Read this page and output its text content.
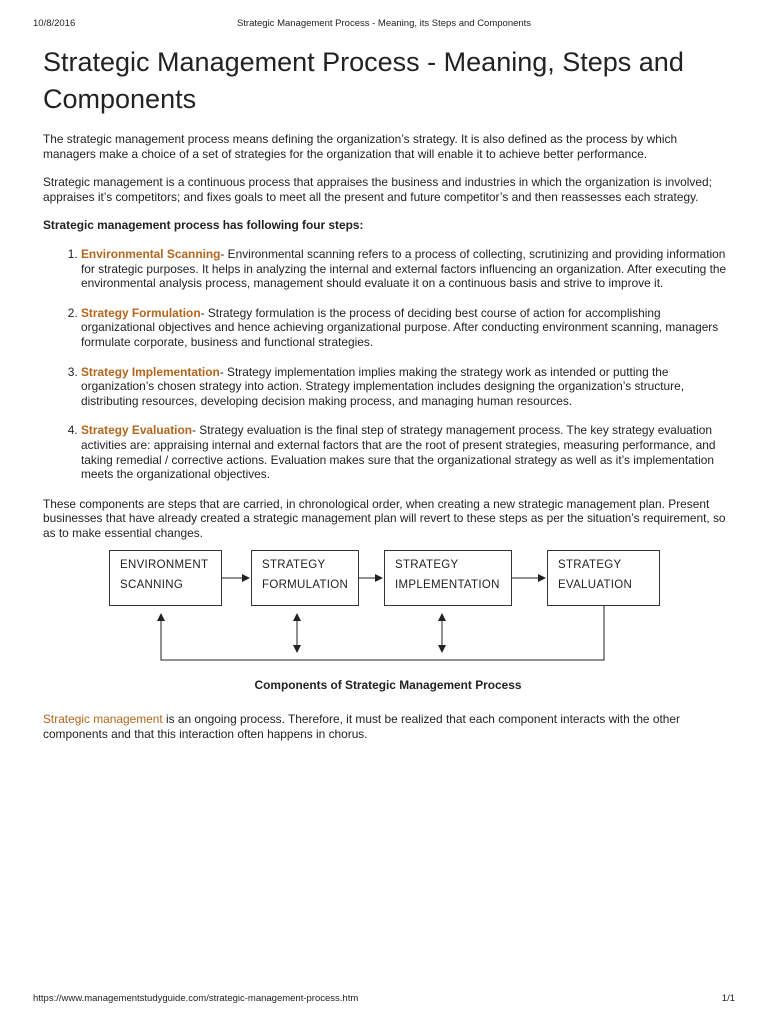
10/8/2016	Strategic Management Process - Meaning, its Steps and Components
Strategic Management Process - Meaning, Steps and Components

The strategic management process means defining the organization’s strategy. It is also defined as the process by which managers make a choice of a set of strategies for the organization that will enable it to achieve better performance.

Strategic management is a continuous process that appraises the business and industries in which the organization is involved; appraises it’s competitors; and fixes goals to meet all the present and future competitor’s and then reassesses each strategy.

Strategic management process has following four steps:

1. Environmental Scanning- Environmental scanning refers to a process of collecting, scrutinizing and providing information for strategic purposes. It helps in analyzing the internal and external factors influencing an organization. After executing the environmental analysis process, management should evaluate it on a continuous basis and strive to improve it.
2. Strategy Formulation- Strategy formulation is the process of deciding best course of action for accomplishing organizational objectives and hence achieving organizational purpose. After conducting environment scanning, managers formulate corporate, business and functional strategies.
3. Strategy Implementation- Strategy implementation implies making the strategy work as intended or putting the organization’s chosen strategy into action. Strategy implementation includes designing the organization’s structure, distributing resources, developing decision making process, and managing human resources.
4. Strategy Evaluation- Strategy evaluation is the final step of strategy management process. The key strategy evaluation activities are: appraising internal and external factors that are the root of present strategies, measuring performance, and taking remedial / corrective actions. Evaluation makes sure that the organizational strategy as well as it’s implementation meets the organizational objectives.

These components are steps that are carried, in chronological order, when creating a new strategic management plan. Present businesses that have already created a strategic management plan will revert to these steps as per the situation’s requirement, so as to make essential changes.

ENVIRONMENT
SCANNING
STRATEGY
FORMULATION
STRATEGY
IMPLEMENTATION
STRATEGY
EVALUATION
Components of Strategic Management Process

Strategic management is an ongoing process. Therefore, it must be realized that each component interacts with the other components and that this interaction often happens in chorus.

https://www.managementstudyguide.com/strategic-management-process.htm	1/1
